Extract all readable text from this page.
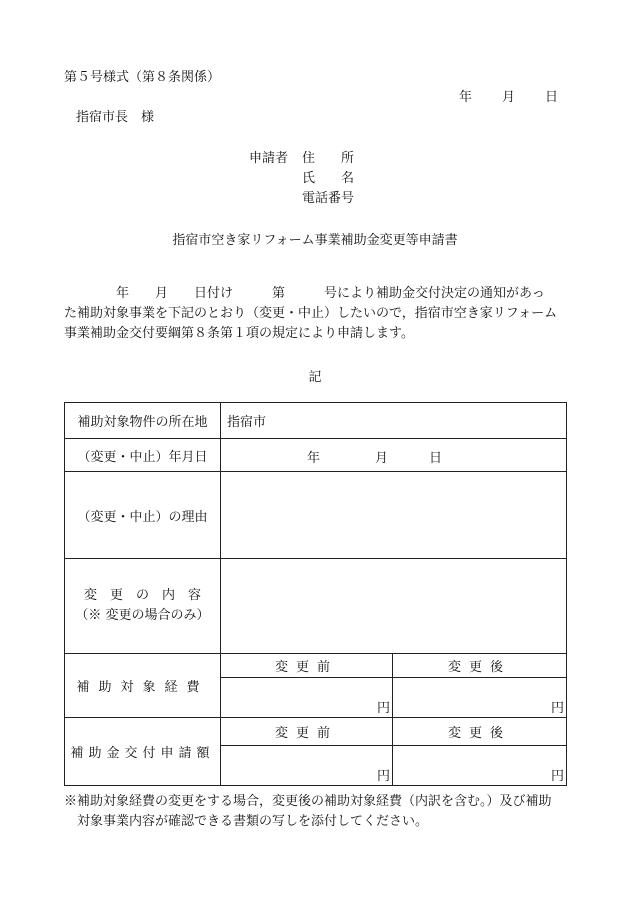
第５号様式（第８条関係）
年 月 日
指宿市長　様
申請者 住　　所
氏　　名
電話番号
指宿市空き家リフォーム事業補助金変更等申請書
年　　月　　日付け　　　第　　　号により補助金交付決定の通知があっ
た補助対象事業を下記のとおり（変更・中止）したいので，指宿市空き家リフォーム
事業補助金交付要綱第８条第１項の規定により申請します。
記
補助対象物件の所在地	指宿市	
（変更・中止）年月日	年 月 日	

（変更・中止）の理由		

変　更　の　内　容
（※ 変更の場合のみ）		

補助対象経費	変更前	変更後
	円	円
補助金交付申請額	変更前	変更後
	円	円
※補助対象経費の変更をする場合，変更後の補助対象経費（内訳を含む。）及び補助
対象事業内容が確認できる書類の写しを添付してください。
